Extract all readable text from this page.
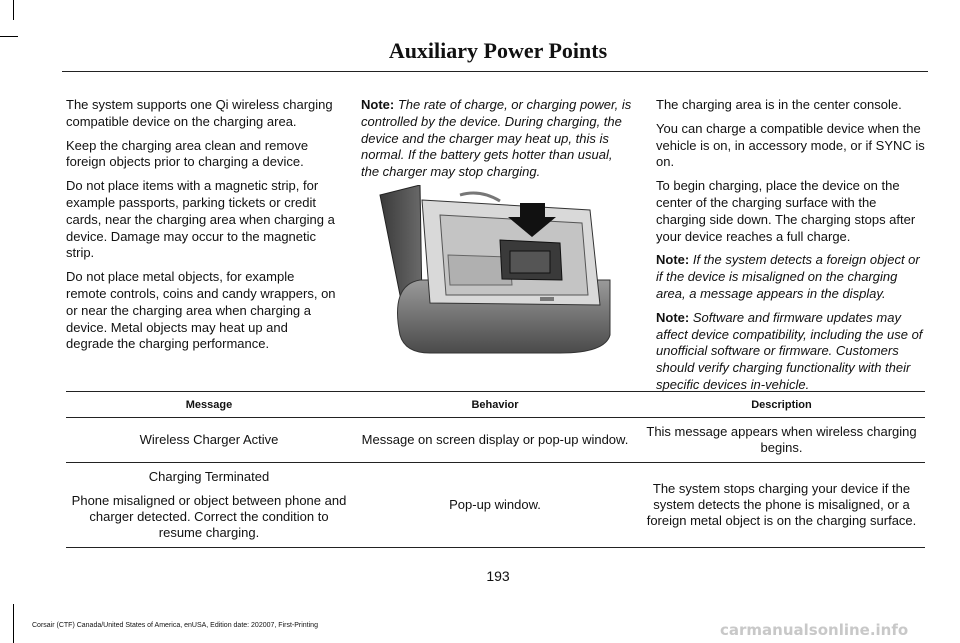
Auxiliary Power Points

The system supports one Qi wireless charging compatible device on the charging area.

Keep the charging area clean and remove foreign objects prior to charging a device.

Do not place items with a magnetic strip, for example passports, parking tickets or credit cards, near the charging area when charging a device. Damage may occur to the magnetic strip.

Do not place metal objects, for example remote controls, coins and candy wrappers, on or near the charging area when charging a device. Metal objects may heat up and degrade the charging performance.

Note: The rate of charge, or charging power, is controlled by the device. During charging, the device and the charger may heat up, this is normal. If the battery gets hotter than usual, the charger may stop charging.

The charging area is in the center console.

You can charge a compatible device when the vehicle is on, in accessory mode, or if SYNC is on.

To begin charging, place the device on the center of the charging surface with the charging side down. The charging stops after your device reaches a full charge.

Note: If the system detects a foreign object or if the device is misaligned on the charging area, a message appears in the display.

Note: Software and firmware updates may affect device compatibility, including the use of unofficial software or firmware. Customers should verify charging functionality with their specific devices in-vehicle.

Message	Behavior	Description

Wireless Charger Active	Message on screen display or pop-up window.	This message appears when wireless charging begins.

Charging Terminated

Phone misaligned or object between phone and charger detected. Correct the condition to resume charging.	Pop-up window.	The system stops charging your device if the system detects the phone is misaligned, or a foreign metal object is on the charging surface.
193
Corsair (CTF) Canada/United States of America, enUSA, Edition date: 202007, First-Printing	carmanualsonline.info
